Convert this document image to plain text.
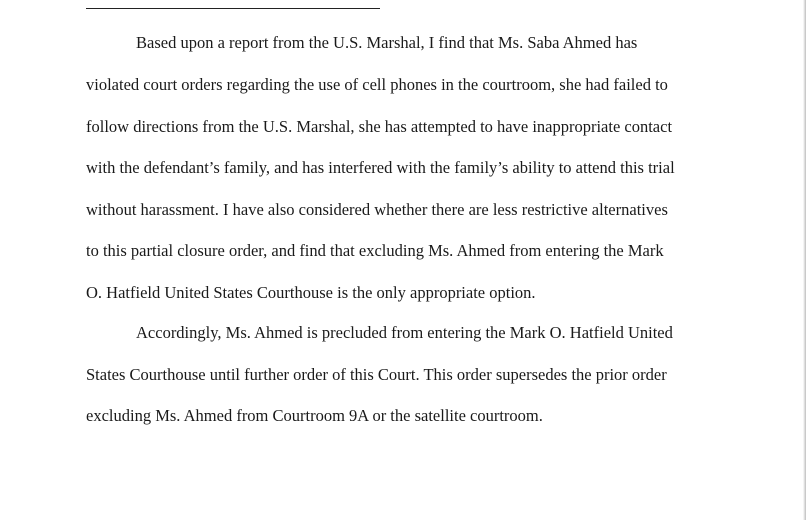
Based upon a report from the U.S. Marshal, I find that Ms. Saba Ahmed has
violated court orders regarding the use of cell phones in the courtroom, she had failed to
follow directions from the U.S. Marshal, she has attempted to have inappropriate contact
with the defendant’s family, and has interfered with the family’s ability to attend this trial
without harassment. I have also considered whether there are less restrictive alternatives
to this partial closure order, and find that excluding Ms. Ahmed from entering the Mark
O. Hatfield United States Courthouse is the only appropriate option.
Accordingly, Ms. Ahmed is precluded from entering the Mark O. Hatfield United
States Courthouse until further order of this Court. This order supersedes the prior order
excluding Ms. Ahmed from Courtroom 9A or the satellite courtroom.
